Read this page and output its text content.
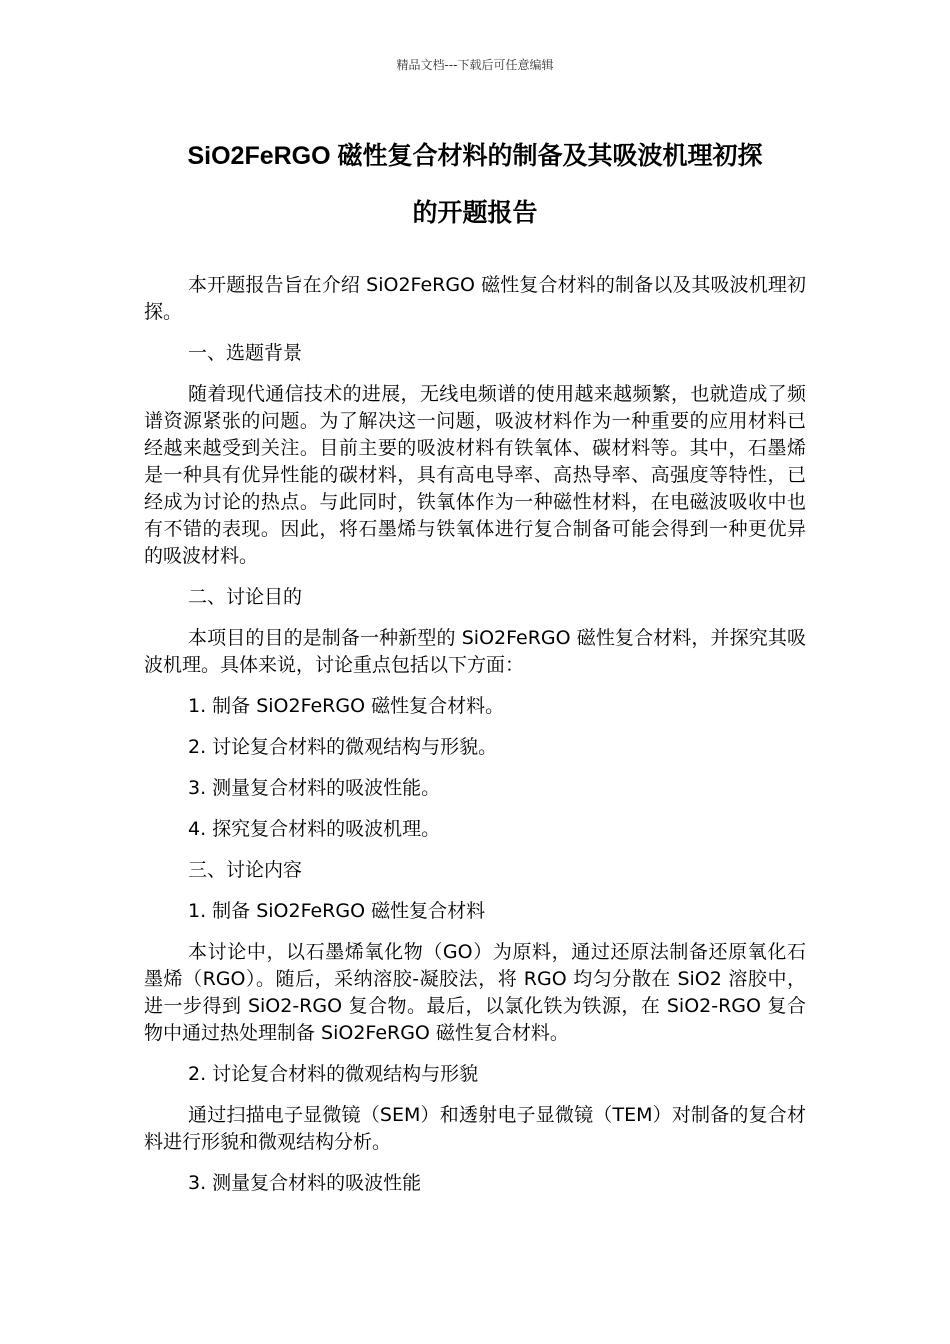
精品文档---下载后可任意编辑
SiO2FeRGO 磁性复合材料的制备及其吸波机理初探
的开题报告

本开题报告旨在介绍 SiO2FeRGO 磁性复合材料的制备以及其吸波机理初探。

一、选题背景

随着现代通信技术的进展，无线电频谱的使用越来越频繁，也就造成了频谱资源紧张的问题。为了解决这一问题，吸波材料作为一种重要的应用材料已经越来越受到关注。目前主要的吸波材料有铁氧体、碳材料等。其中，石墨烯是一种具有优异性能的碳材料，具有高电导率、高热导率、高强度等特性，已经成为讨论的热点。与此同时，铁氧体作为一种磁性材料，在电磁波吸收中也有不错的表现。因此，将石墨烯与铁氧体进行复合制备可能会得到一种更优异的吸波材料。

二、讨论目的

本项目的目的是制备一种新型的 SiO2FeRGO 磁性复合材料，并探究其吸波机理。具体来说，讨论重点包括以下方面：

1. 制备 SiO2FeRGO 磁性复合材料。

2. 讨论复合材料的微观结构与形貌。

3. 测量复合材料的吸波性能。

4. 探究复合材料的吸波机理。

三、讨论内容

1. 制备 SiO2FeRGO 磁性复合材料

本讨论中，以石墨烯氧化物（GO）为原料，通过还原法制备还原氧化石墨烯（RGO）。随后，采纳溶胶-凝胶法，将 RGO 均匀分散在 SiO2 溶胶中，进一步得到 SiO2-RGO 复合物。最后，以氯化铁为铁源，在 SiO2-RGO 复合物中通过热处理制备 SiO2FeRGO 磁性复合材料。

2. 讨论复合材料的微观结构与形貌

通过扫描电子显微镜（SEM）和透射电子显微镜（TEM）对制备的复合材料进行形貌和微观结构分析。

3. 测量复合材料的吸波性能
